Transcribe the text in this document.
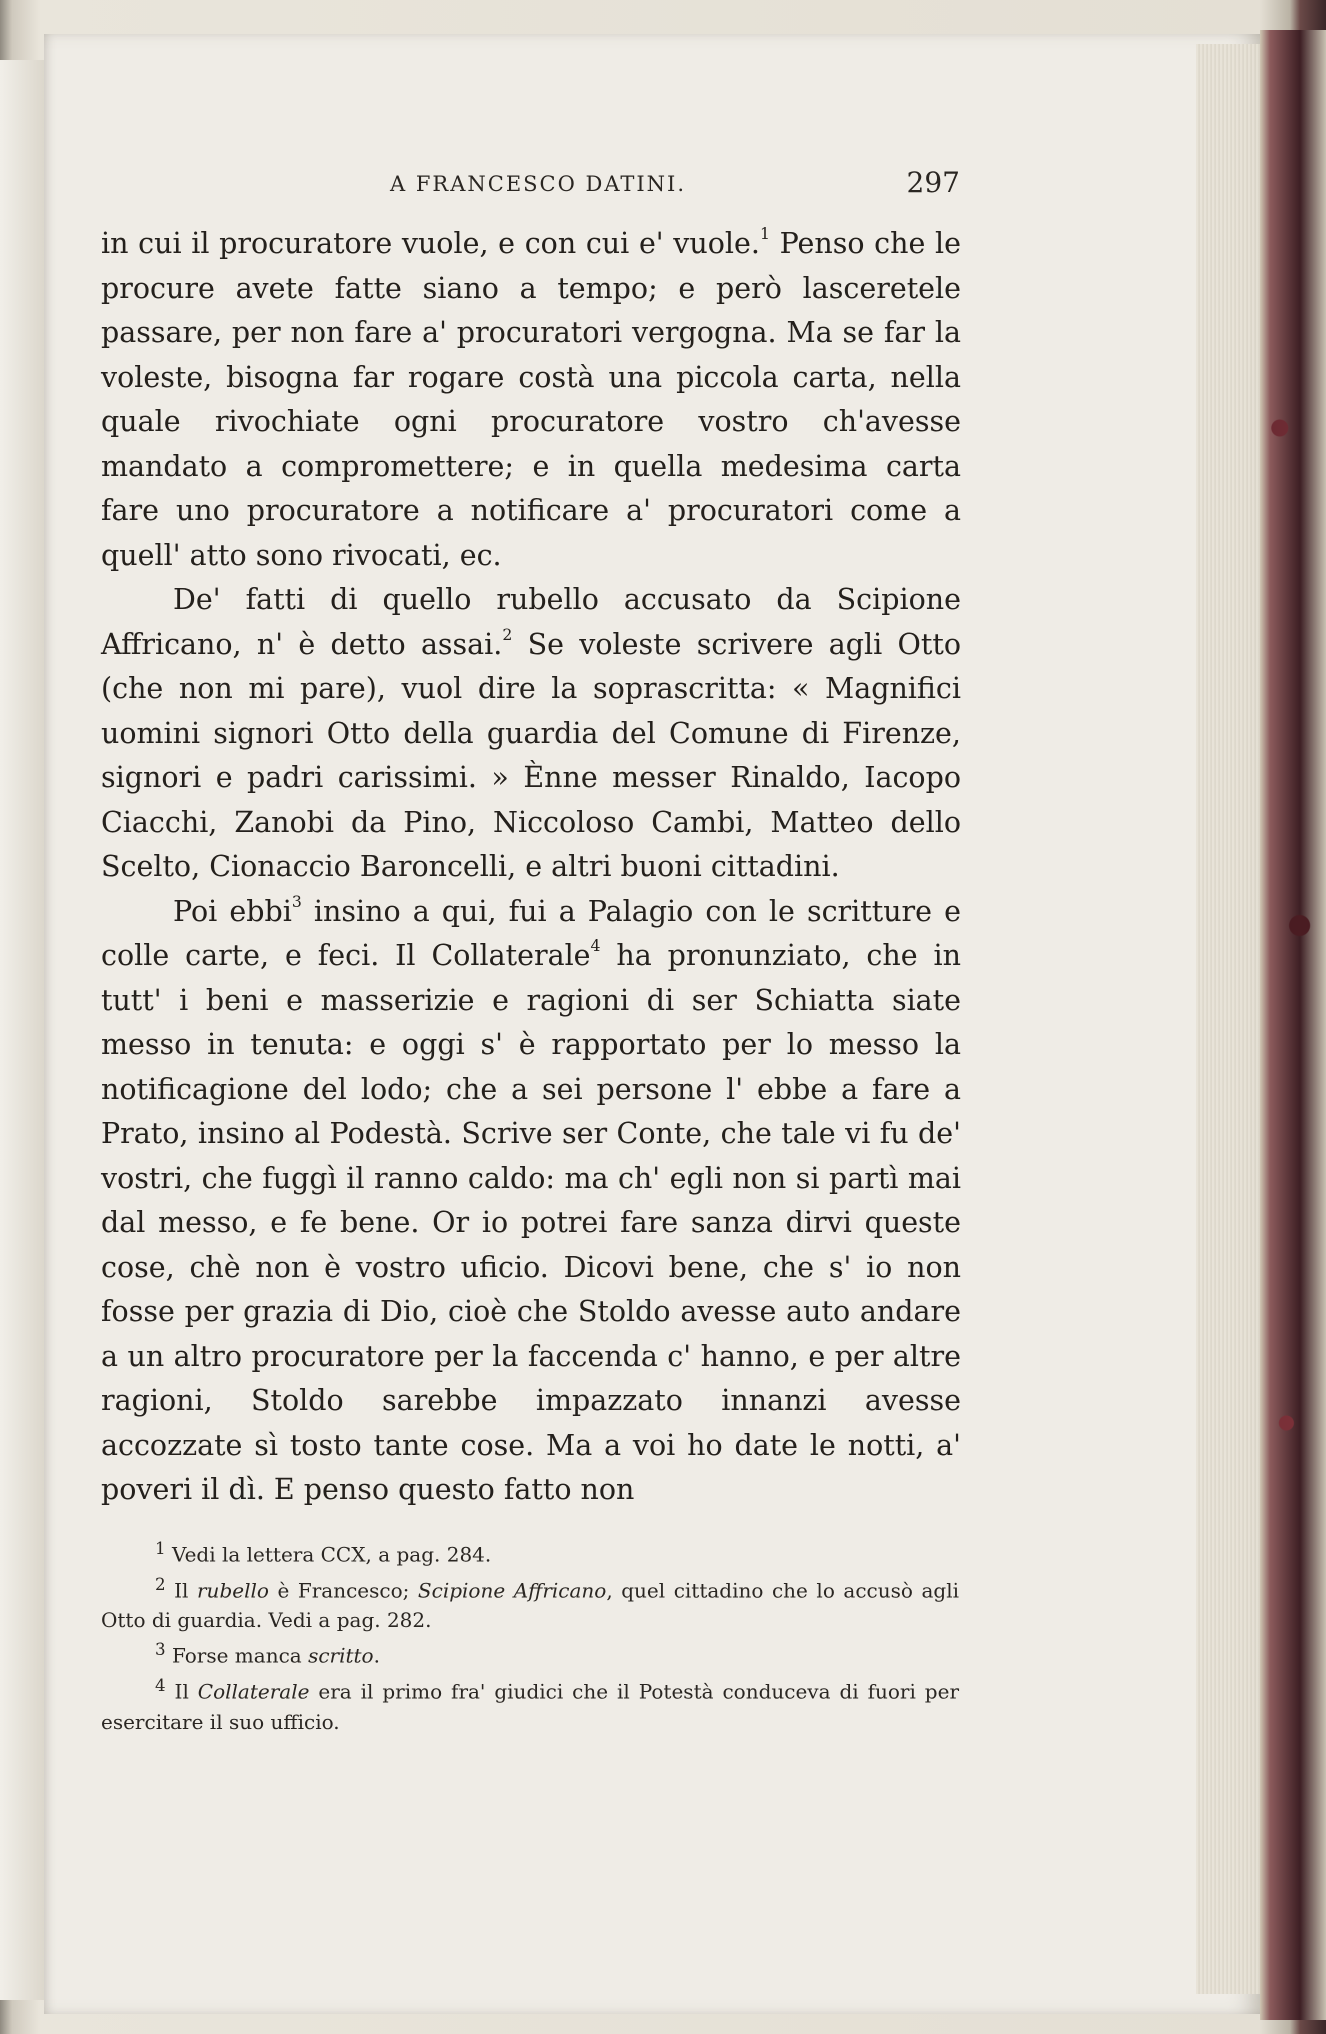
A FRANCESCO DATINI.	297

in cui il procuratore vuole, e con cui e' vuole.$^1$ Penso che le procure avete fatte siano a tempo; e però lasceretele passare, per non fare a' procuratori vergogna. Ma se far la voleste, bisogna far rogare costà una piccola carta, nella quale rivochiate ogni procuratore vostro ch'avesse mandato a compromettere; e in quella medesima carta fare uno procuratore a notificare a' procuratori come a quell' atto sono rivocati, ec.

De' fatti di quello rubello accusato da Scipione Affricano, n' è detto assai.$^2$ Se voleste scrivere agli Otto (che non mi pare), vuol dire la soprascritta: « Magnifici uomini signori Otto della guardia del Comune di Firenze, signori e padri carissimi. » Ènne messer Rinaldo, Iacopo Ciacchi, Zanobi da Pino, Niccoloso Cambi, Matteo dello Scelto, Cionaccio Baroncelli, e altri buoni cittadini.

Poi ebbi$^3$ insino a qui, fui a Palagio con le scritture e colle carte, e feci. Il Collaterale$^4$ ha pronunziato, che in tutt' i beni e masserizie e ragioni di ser Schiatta siate messo in tenuta: e oggi s' è rapportato per lo messo la notificagione del lodo; che a sei persone l' ebbe a fare a Prato, insino al Podestà. Scrive ser Conte, che tale vi fu de' vostri, che fuggì il ranno caldo: ma ch' egli non si partì mai dal messo, e fe bene. Or io potrei fare sanza dirvi queste cose, chè non è vostro uficio. Dicovi bene, che s' io non fosse per grazia di Dio, cioè che Stoldo avesse auto andare a un altro procuratore per la faccenda c' hanno, e per altre ragioni, Stoldo sarebbe impazzato innanzi avesse accozzate sì tosto tante cose. Ma a voi ho date le notti, a' poveri il dì. E penso questo fatto non

$^1$ Vedi la lettera CCX, a pag. 284.

$^2$ Il rubello è Francesco; Scipione Affricano, quel cittadino che lo accusò agli Otto di guardia. Vedi a pag. 282.

$^3$ Forse manca scritto.

$^4$ Il Collaterale era il primo fra' giudici che il Potestà conduceva di fuori per esercitare il suo ufficio.
